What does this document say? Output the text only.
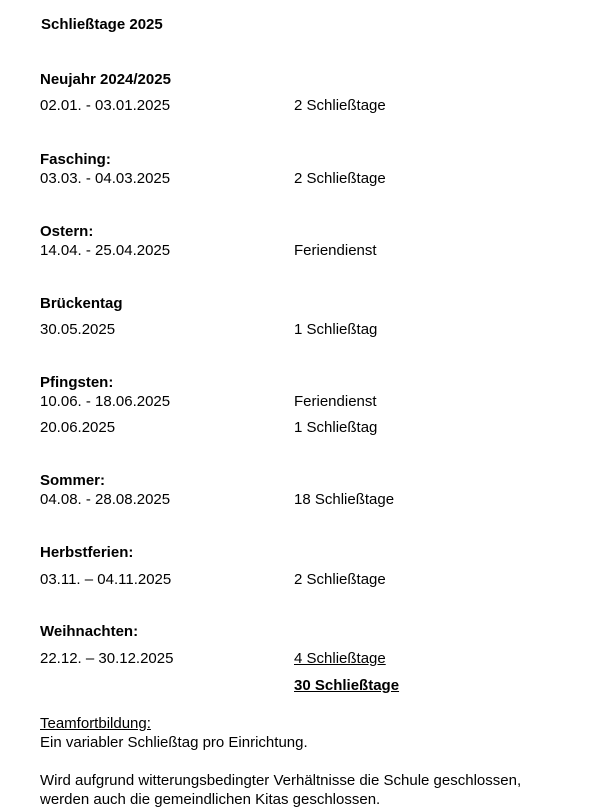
Schließtage 2025
Neujahr 2024/2025
02.01. - 03.01.2025	2 Schließtage
Fasching:
03.03. - 04.03.2025	2 Schließtage
Ostern:
14.04. - 25.04.2025	Feriendienst
Brückentag
30.05.2025	1 Schließtag
Pfingsten:
10.06. - 18.06.2025	Feriendienst
20.06.2025	1 Schließtag
Sommer:
04.08. - 28.08.2025	18 Schließtage
Herbstferien:
03.11. – 04.11.2025	2 Schließtage
Weihnachten:
22.12. – 30.12.2025	4 Schließtage
30 Schließtage
Teamfortbildung:
Ein variabler Schließtag pro Einrichtung.
Wird aufgrund witterungsbedingter Verhältnisse die Schule geschlossen,
werden auch die gemeindlichen Kitas geschlossen.
